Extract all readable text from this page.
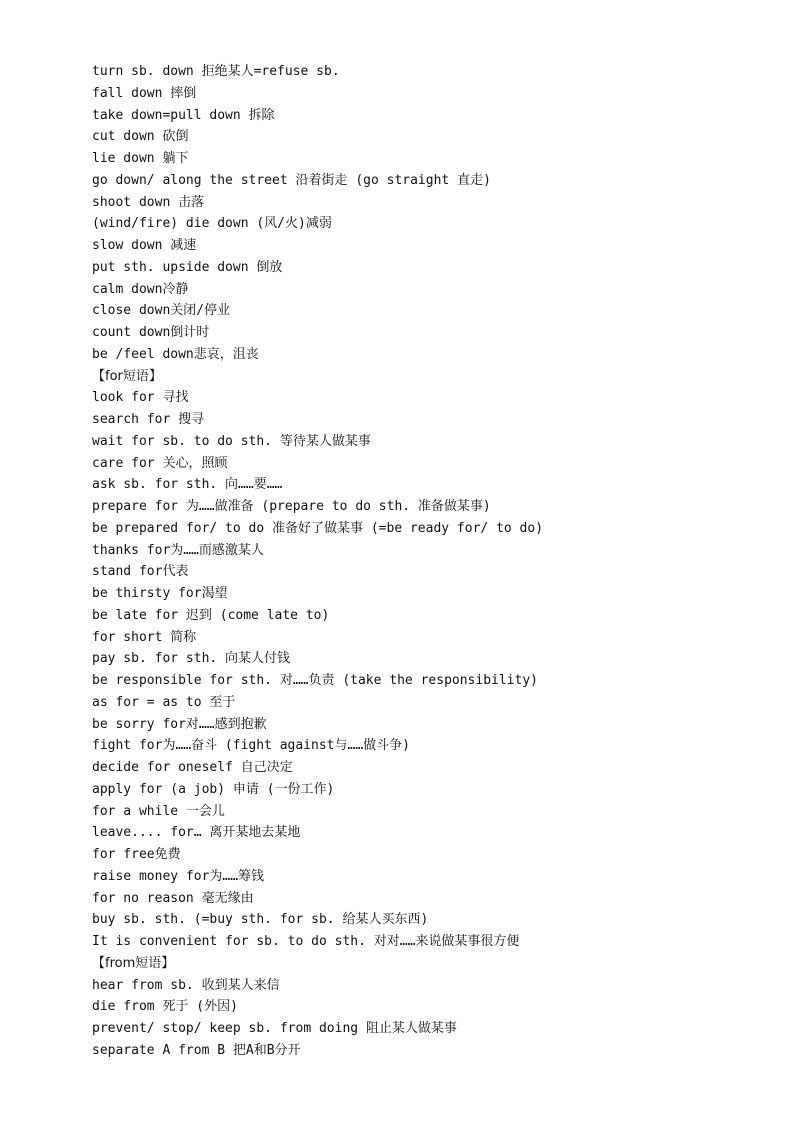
turn sb. down 拒绝某人=refuse sb.
fall down 摔倒
take down=pull down 拆除
cut down 砍倒
lie down 躺下
go down/ along the street 沿着街走 (go straight 直走)
shoot down 击落
(wind/fire) die down (风/火)减弱
slow down 减速
put sth. upside down 倒放
calm down冷静
close down关闭/停业
count down倒计时
be /feel down悲哀，沮丧
【for短语】
look for 寻找
search for 搜寻
wait for sb. to do sth. 等待某人做某事
care for 关心，照顾
ask sb. for sth. 向……要……
prepare for 为……做准备 (prepare to do sth. 准备做某事)
be prepared for/ to do 准备好了做某事 (=be ready for/ to do)
thanks for为……而感激某人
stand for代表
be thirsty for渴望
be late for 迟到 (come late to)
for short 简称
pay sb. for sth. 向某人付钱
be responsible for sth. 对……负责 (take the responsibility)
as for = as to 至于
be sorry for对……感到抱歉
fight for为……奋斗 (fight against与……做斗争)
decide for oneself 自己决定
apply for (a job) 申请 (一份工作)
for a while 一会儿
leave.... for… 离开某地去某地
for free免费
raise money for为……筹钱
for no reason 毫无缘由
buy sb. sth. (=buy sth. for sb. 给某人买东西)
It is convenient for sb. to do sth. 对对……来说做某事很方便
【from短语】
hear from sb. 收到某人来信
die from 死于 (外因)
prevent/ stop/ keep sb. from doing 阻止某人做某事
separate A from B 把A和B分开
